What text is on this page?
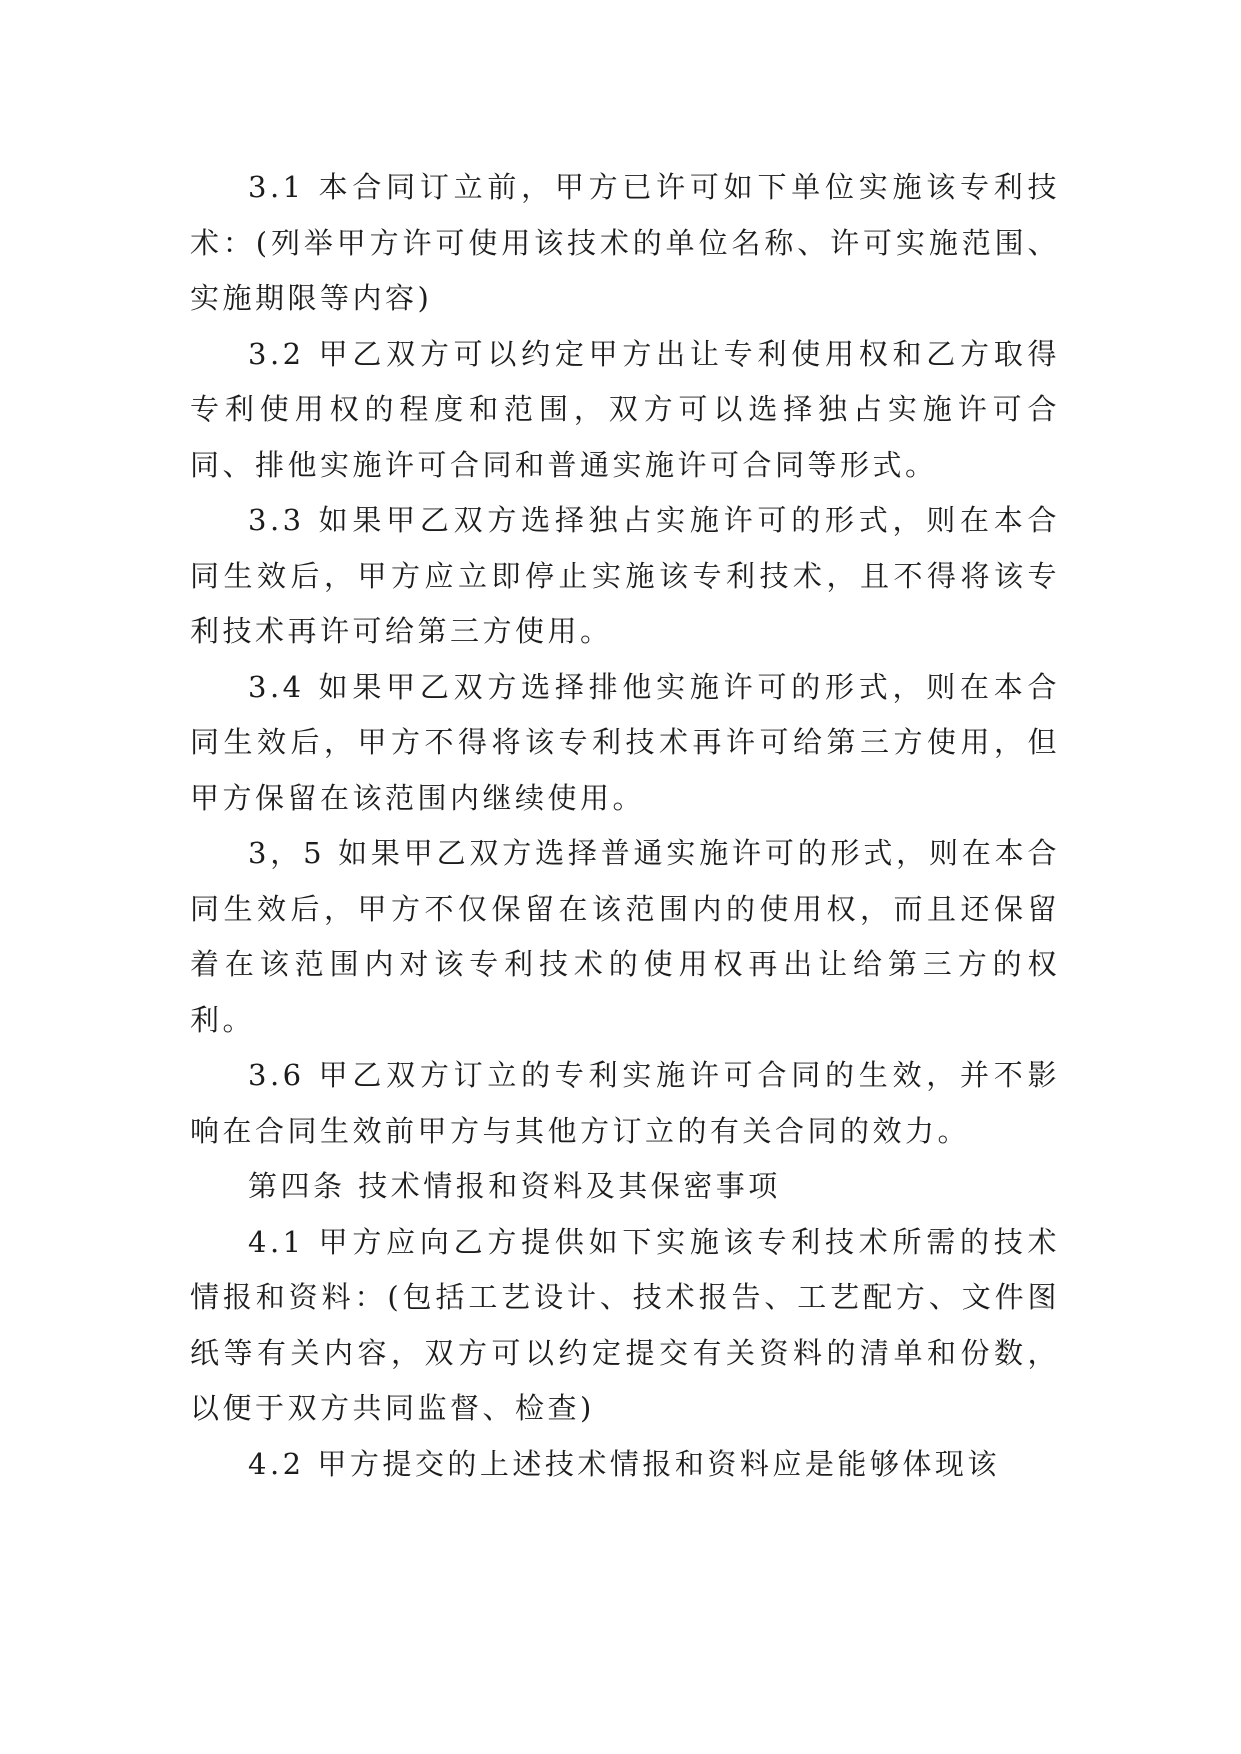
3.1 本合同订立前，甲方已许可如下单位实施该专利技术：(列举甲方许可使用该技术的单位名称、许可实施范围、实施期限等内容)

3.2 甲乙双方可以约定甲方出让专利使用权和乙方取得专利使用权的程度和范围，双方可以选择独占实施许可合同、排他实施许可合同和普通实施许可合同等形式。

3.3 如果甲乙双方选择独占实施许可的形式，则在本合同生效后，甲方应立即停止实施该专利技术，且不得将该专利技术再许可给第三方使用。

3.4 如果甲乙双方选择排他实施许可的形式，则在本合同生效后，甲方不得将该专利技术再许可给第三方使用，但甲方保留在该范围内继续使用。

3，5 如果甲乙双方选择普通实施许可的形式，则在本合同生效后，甲方不仅保留在该范围内的使用权，而且还保留着在该范围内对该专利技术的使用权再出让给第三方的权利。

3.6 甲乙双方订立的专利实施许可合同的生效，并不影响在合同生效前甲方与其他方订立的有关合同的效力。

第四条 技术情报和资料及其保密事项

4.1 甲方应向乙方提供如下实施该专利技术所需的技术情报和资料：(包括工艺设计、技术报告、工艺配方、文件图纸等有关内容，双方可以约定提交有关资料的清单和份数，以便于双方共同监督、检查)

4.2 甲方提交的上述技术情报和资料应是能够体现该
